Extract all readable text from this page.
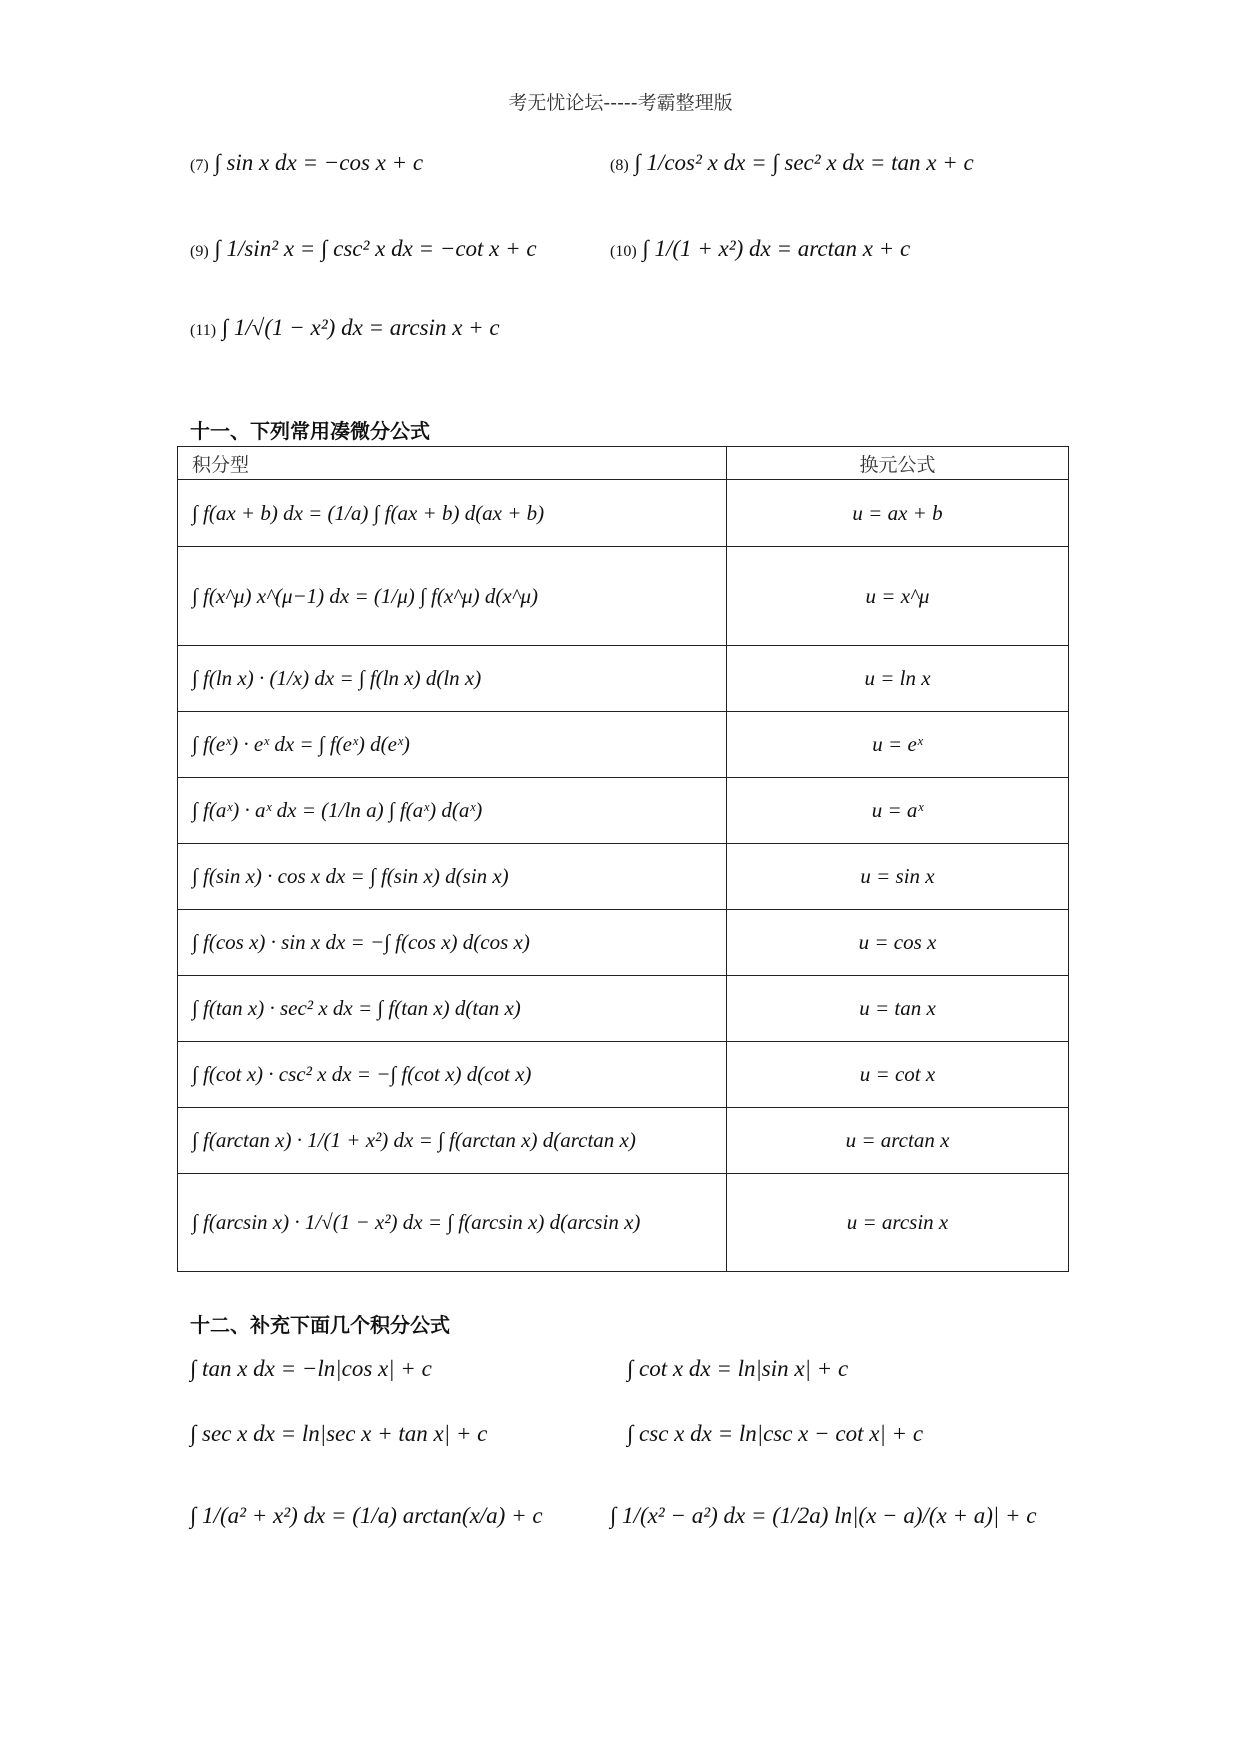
考无忧论坛-----考霸整理版
(7) ∫ sin x dx = −cos x + c	(8) ∫ 1/cos² x dx = ∫ sec² x dx = tan x + c
(9) ∫ 1/sin² x = ∫ csc² x dx = −cot x + c	(10) ∫ 1/(1 + x²) dx = arctan x + c
(11) ∫ 1/√(1 − x²) dx = arcsin x + c
十一、下列常用凑微分公式
积分型	换元公式
∫ f(ax + b) dx = (1/a) ∫ f(ax + b) d(ax + b)	u = ax + b
∫ f(x^μ) x^(μ−1) dx = (1/μ) ∫ f(x^μ) d(x^μ)	u = x^μ
∫ f(ln x) · (1/x) dx = ∫ f(ln x) d(ln x)	u = ln x
∫ f(eˣ) · eˣ dx = ∫ f(eˣ) d(eˣ)	u = eˣ
∫ f(aˣ) · aˣ dx = (1/ln a) ∫ f(aˣ) d(aˣ)	u = aˣ
∫ f(sin x) · cos x dx = ∫ f(sin x) d(sin x)	u = sin x
∫ f(cos x) · sin x dx = −∫ f(cos x) d(cos x)	u = cos x
∫ f(tan x) · sec² x dx = ∫ f(tan x) d(tan x)	u = tan x
∫ f(cot x) · csc² x dx = −∫ f(cot x) d(cot x)	u = cot x
∫ f(arctan x) · 1/(1 + x²) dx = ∫ f(arctan x) d(arctan x)	u = arctan x
∫ f(arcsin x) · 1/√(1 − x²) dx = ∫ f(arcsin x) d(arcsin x)	u = arcsin x
十二、补充下面几个积分公式
∫ tan x dx = −ln|cos x| + c	∫ cot x dx = ln|sin x| + c
∫ sec x dx = ln|sec x + tan x| + c	∫ csc x dx = ln|csc x − cot x| + c
∫ 1/(a² + x²) dx = (1/a) arctan(x/a) + c	∫ 1/(x² − a²) dx = (1/2a) ln|(x − a)/(x + a)| + c
